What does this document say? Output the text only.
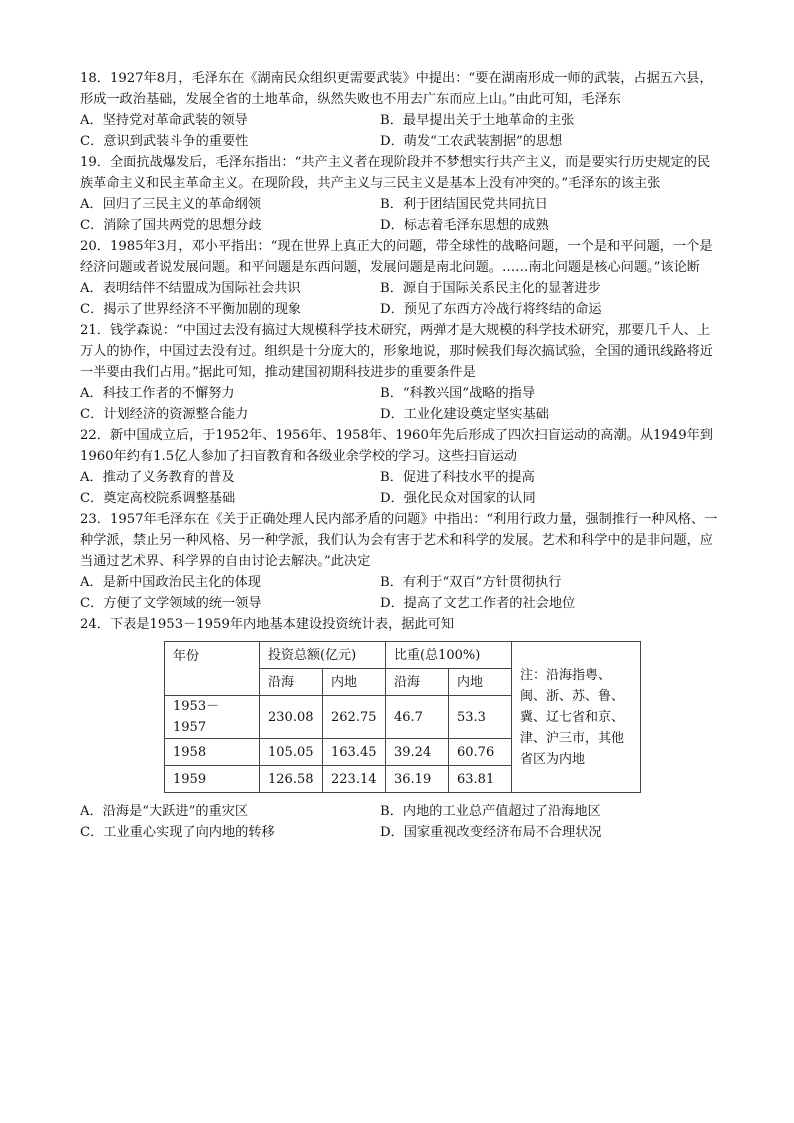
18．1927年8月，毛泽东在《湖南民众组织更需要武装》中提出：“要在湖南形成一师的武装，占据五六县，形成一政治基础，发展全省的土地革命，纵然失败也不用去广东而应上山。”由此可知，毛泽东

A．坚持党对革命武装的领导	B．最早提出关于土地革命的主张
C．意识到武装斗争的重要性	D．萌发“工农武装割据”的思想

19．全面抗战爆发后，毛泽东指出：“共产主义者在现阶段并不梦想实行共产主义，而是要实行历史规定的民族革命主义和民主革命主义。在现阶段，共产主义与三民主义是基本上没有冲突的。”毛泽东的该主张

A．回归了三民主义的革命纲领	B．利于团结国民党共同抗日
C．消除了国共两党的思想分歧	D．标志着毛泽东思想的成熟

20．1985年3月，邓小平指出：“现在世界上真正大的问题，带全球性的战略问题，一个是和平问题，一个是经济问题或者说发展问题。和平问题是东西问题，发展问题是南北问题。……南北问题是核心问题。”该论断

A．表明结伴不结盟成为国际社会共识	B．源自于国际关系民主化的显著进步
C．揭示了世界经济不平衡加剧的现象	D．预见了东西方冷战行将终结的命运

21．钱学森说：“中国过去没有搞过大规模科学技术研究，两弹才是大规模的科学技术研究，那要几千人、上万人的协作，中国过去没有过。组织是十分庞大的，形象地说，那时候我们每次搞试验，全国的通讯线路将近一半要由我们占用。”据此可知，推动建国初期科技进步的重要条件是

A．科技工作者的不懈努力	B．“科教兴国”战略的指导
C．计划经济的资源整合能力	D．工业化建设奠定坚实基础

22．新中国成立后，于1952年、1956年、1958年、1960年先后形成了四次扫盲运动的高潮。从1949年到1960年约有1.5亿人参加了扫盲教育和各级业余学校的学习。这些扫盲运动

A．推动了义务教育的普及	B．促进了科技水平的提高
C．奠定高校院系调整基础	D．强化民众对国家的认同

23．1957年毛泽东在《关于正确处理人民内部矛盾的问题》中指出：“利用行政力量，强制推行一种风格、一种学派，禁止另一种风格、另一种学派，我们认为会有害于艺术和科学的发展。艺术和科学中的是非问题，应当通过艺术界、科学界的自由讨论去解决。”此决定

A．是新中国政治民主化的体现	B．有利于“双百”方针贯彻执行
C．方便了文学领域的统一领导	D．提高了文艺工作者的社会地位

24．下表是1953－1959年内地基本建设投资统计表，据此可知

年份	投资总额(亿元)		比重(总100%)		注：沿海指粤、闽、浙、苏、鲁、冀、辽七省和京、津、沪三市，其他省区为内地
	沿海	内地	沿海	内地	
1953－1957	230.08	262.75	46.7	53.3	
1958	105.05	163.45	39.24	60.76	
1959	126.58	223.14	36.19	63.81	
A．沿海是“大跃进”的重灾区	B．内地的工业总产值超过了沿海地区
C．工业重心实现了向内地的转移	D．国家重视改变经济布局不合理状况
